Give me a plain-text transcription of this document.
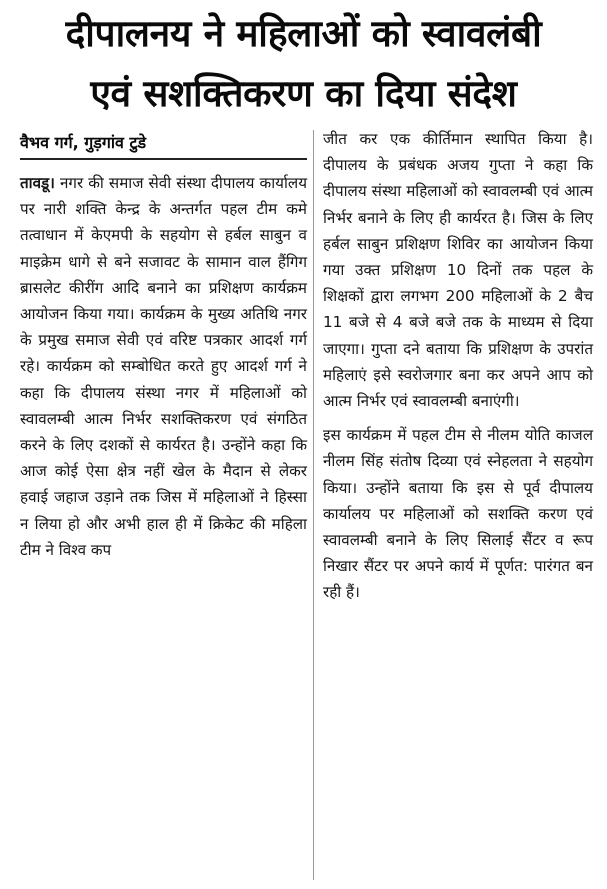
दीपालनय ने महिलाओं को स्वावलंबी
एवं सशक्तिकरण का दिया संदेश
वैभव गर्ग, गुड़गांव टुडे

तावडू। नगर की समाज सेवी संस्था दीपालय कार्यालय पर नारी शक्ति केन्द्र के अन्तर्गत पहल टीम कमे तत्वाधान में केएमपी के सहयोग से हर्बल साबुन व माइक्रेम धागे से बने सजावट के सामान वाल हैंगिग ब्रासलेट कीरींग आदि बनाने का प्रशिक्षण कार्यक्रम आयोजन किया गया। कार्यक्रम के मुख्य अतिथि नगर के प्रमुख समाज सेवी एवं वरिष्ट पत्रकार आदर्श गर्ग रहे। कार्यक्रम को सम्बोधित करते हुए आदर्श गर्ग ने कहा कि दीपालय संस्था नगर में महिलाओं को स्वावलम्बी आत्म निर्भर सशक्तिकरण एवं संगठित करने के लिए दशकों से कार्यरत है। उन्होंने कहा कि आज कोई ऐसा क्षेत्र नहीं खेल के मैदान से लेकर हवाई जहाज उड़ाने तक जिस में महिलाओं ने हिस्सा न लिया हो और अभी हाल ही में क्रिकेट की महिला टीम ने विश्व कप

जीत कर एक कीर्तिमान स्थापित किया है। दीपालय के प्रबंधक अजय गुप्ता ने कहा कि दीपालय संस्था महिलाओं को स्वावलम्बी एवं आत्म निर्भर बनाने के लिए ही कार्यरत है। जिस के लिए हर्बल साबुन प्रशिक्षण शिविर का आयोजन किया गया उक्त प्रशिक्षण 10 दिनों तक पहल के शिक्षकों द्वारा लगभग 200 महिलाओं के 2 बैच 11 बजे से 4 बजे बजे तक के माध्यम से दिया जाएगा। गुप्ता दने बताया कि प्रशिक्षण के उपरांत महिलाएं इसे स्वरोजगार बना कर अपने आप को आत्म निर्भर एवं स्वावलम्बी बनाएंगी।

इस कार्यक्रम में पहल टीम से नीलम योति काजल नीलम सिंह संतोष दिव्या एवं स्नेहलता ने सहयोग किया। उन्होंने बताया कि इस से पूर्व दीपालय कार्यालय पर महिलाओं को सशक्ति करण एवं स्वावलम्बी बनाने के लिए सिलाई सैंटर व रूप निखार सैंटर पर अपने कार्य में पूर्णत: पारंगत बन रही हैं।
